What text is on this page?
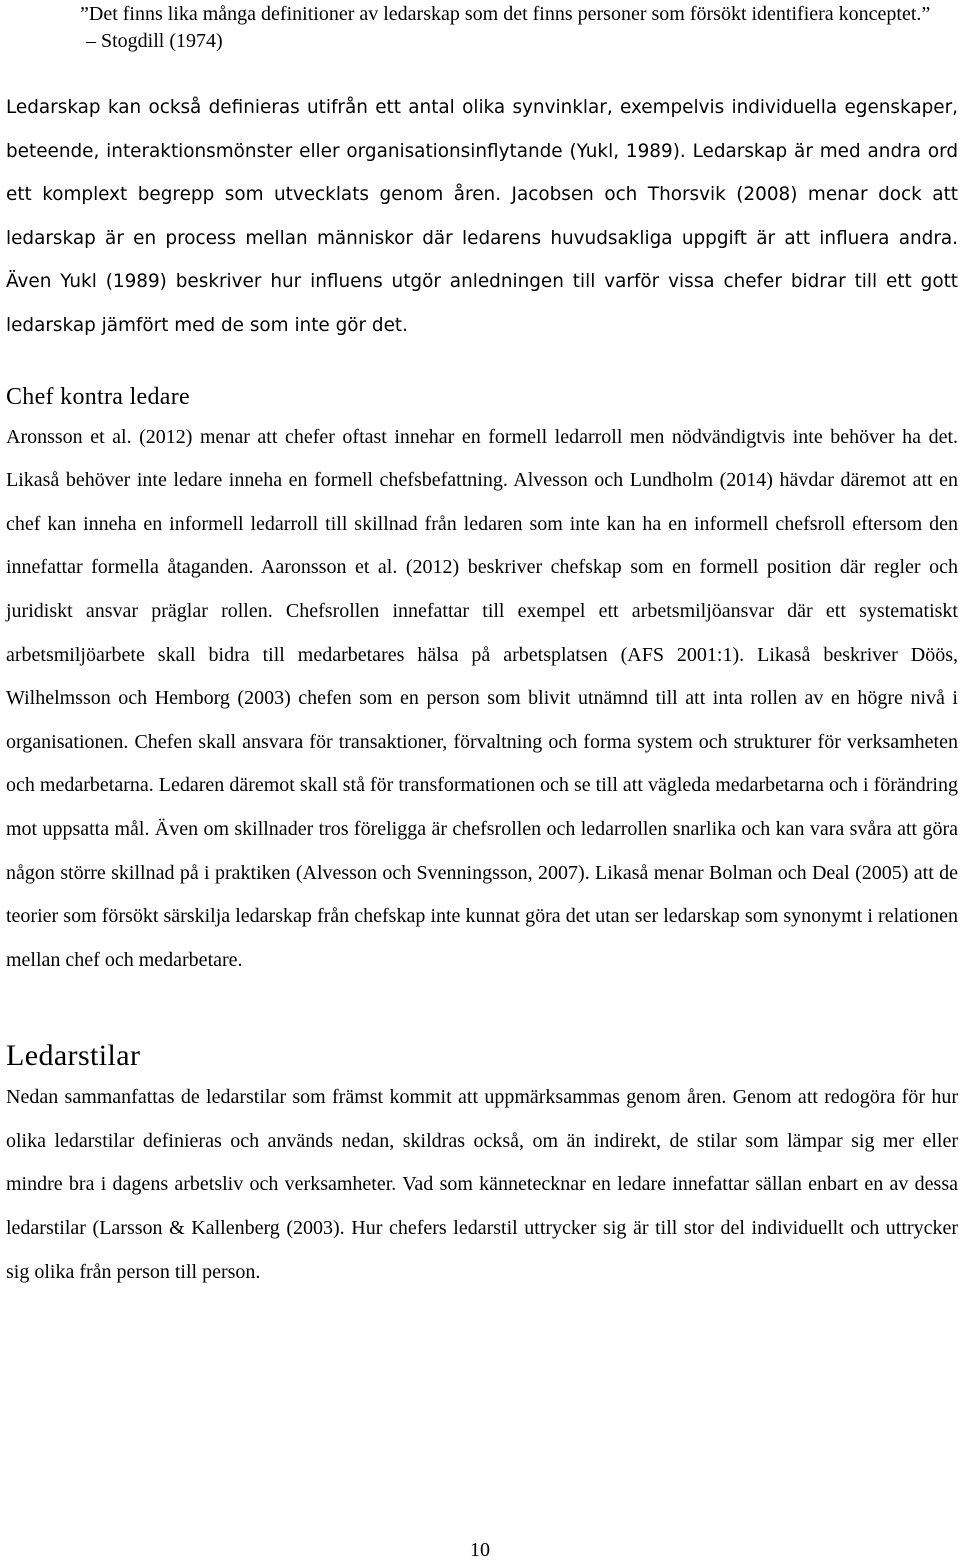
”Det finns lika många definitioner av ledarskap som det finns personer som försökt identifiera konceptet.”
– Stogdill (1974)

Ledarskap kan också definieras utifrån ett antal olika synvinklar, exempelvis individuella egenskaper, beteende, interaktionsmönster eller organisationsinflytande (Yukl, 1989). Ledarskap är med andra ord ett komplext begrepp som utvecklats genom åren. Jacobsen och Thorsvik (2008) menar dock att ledarskap är en process mellan människor där ledarens huvudsakliga uppgift är att influera andra. Även Yukl (1989) beskriver hur influens utgör anledningen till varför vissa chefer bidrar till ett gott ledarskap jämfört med de som inte gör det.

Chef kontra ledare

Aronsson et al. (2012) menar att chefer oftast innehar en formell ledarroll men nödvändigtvis inte behöver ha det. Likaså behöver inte ledare inneha en formell chefsbefattning. Alvesson och Lundholm (2014) hävdar däremot att en chef kan inneha en informell ledarroll till skillnad från ledaren som inte kan ha en informell chefsroll eftersom den innefattar formella åtaganden. Aaronsson et al. (2012) beskriver chefskap som en formell position där regler och juridiskt ansvar präglar rollen. Chefsrollen innefattar till exempel ett arbetsmiljöansvar där ett systematiskt arbetsmiljöarbete skall bidra till medarbetares hälsa på arbetsplatsen (AFS 2001:1). Likaså beskriver Döös, Wilhelmsson och Hemborg (2003) chefen som en person som blivit utnämnd till att inta rollen av en högre nivå i organisationen. Chefen skall ansvara för transaktioner, förvaltning och forma system och strukturer för verksamheten och medarbetarna. Ledaren däremot skall stå för transformationen och se till att vägleda medarbetarna och i förändring mot uppsatta mål. Även om skillnader tros föreligga är chefsrollen och ledarrollen snarlika och kan vara svåra att göra någon större skillnad på i praktiken (Alvesson och Svenningsson, 2007). Likaså menar Bolman och Deal (2005) att de teorier som försökt särskilja ledarskap från chefskap inte kunnat göra det utan ser ledarskap som synonymt i relationen mellan chef och medarbetare.

Ledarstilar

Nedan sammanfattas de ledarstilar som främst kommit att uppmärksammas genom åren. Genom att redogöra för hur olika ledarstilar definieras och används nedan, skildras också, om än indirekt, de stilar som lämpar sig mer eller mindre bra i dagens arbetsliv och verksamheter. Vad som kännetecknar en ledare innefattar sällan enbart en av dessa ledarstilar (Larsson & Kallenberg (2003). Hur chefers ledarstil uttrycker sig är till stor del individuellt och uttrycker sig olika från person till person.

10
